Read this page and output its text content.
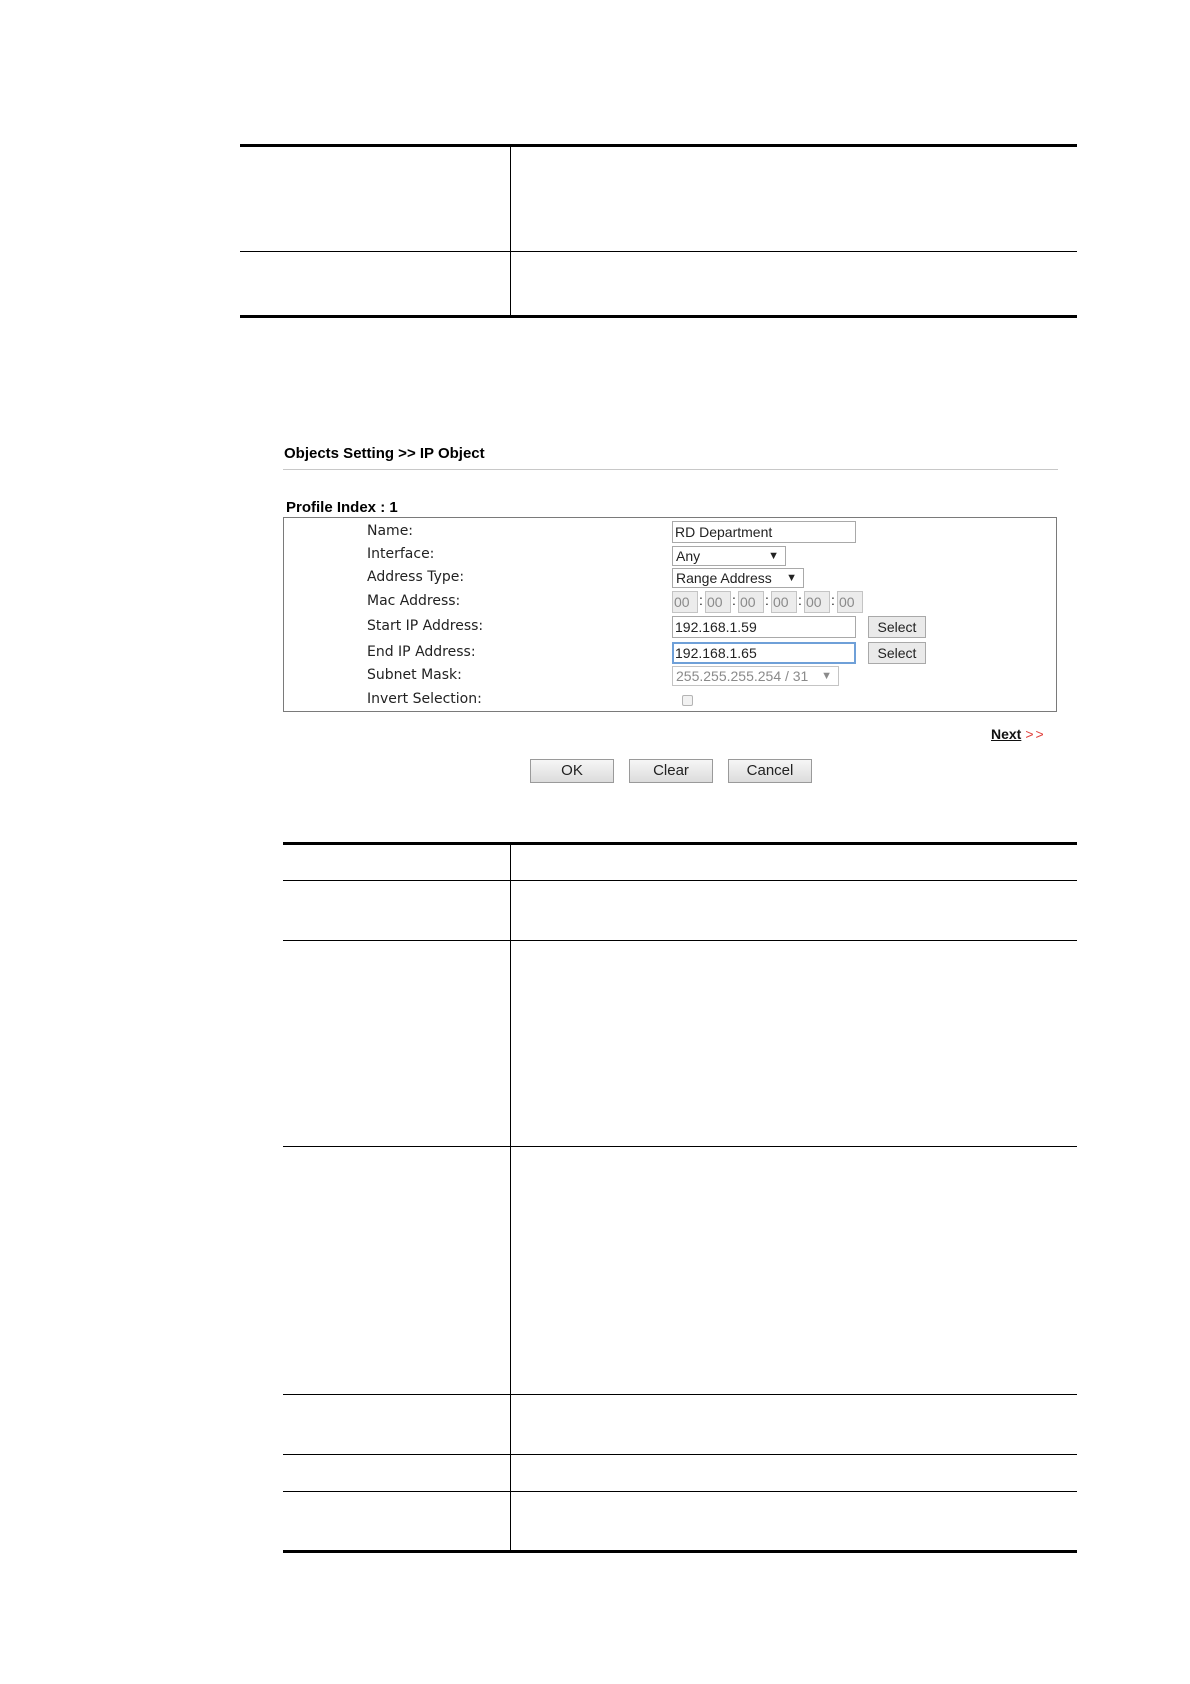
Objects Setting >> IP Object
Profile Index : 1
Name:	RD Department
Interface:	Any	▼
Address Type:	Range Address ▼
Mac Address:	00 : 00 : 00 : 00 : 00 : 00
Start IP Address:	192.168.1.59	Select
End IP Address:	192.168.1.65	Select
Subnet Mask:	255.255.255.254 / 31 ▼
Invert Selection:
Next >>
OK	Clear	Cancel
